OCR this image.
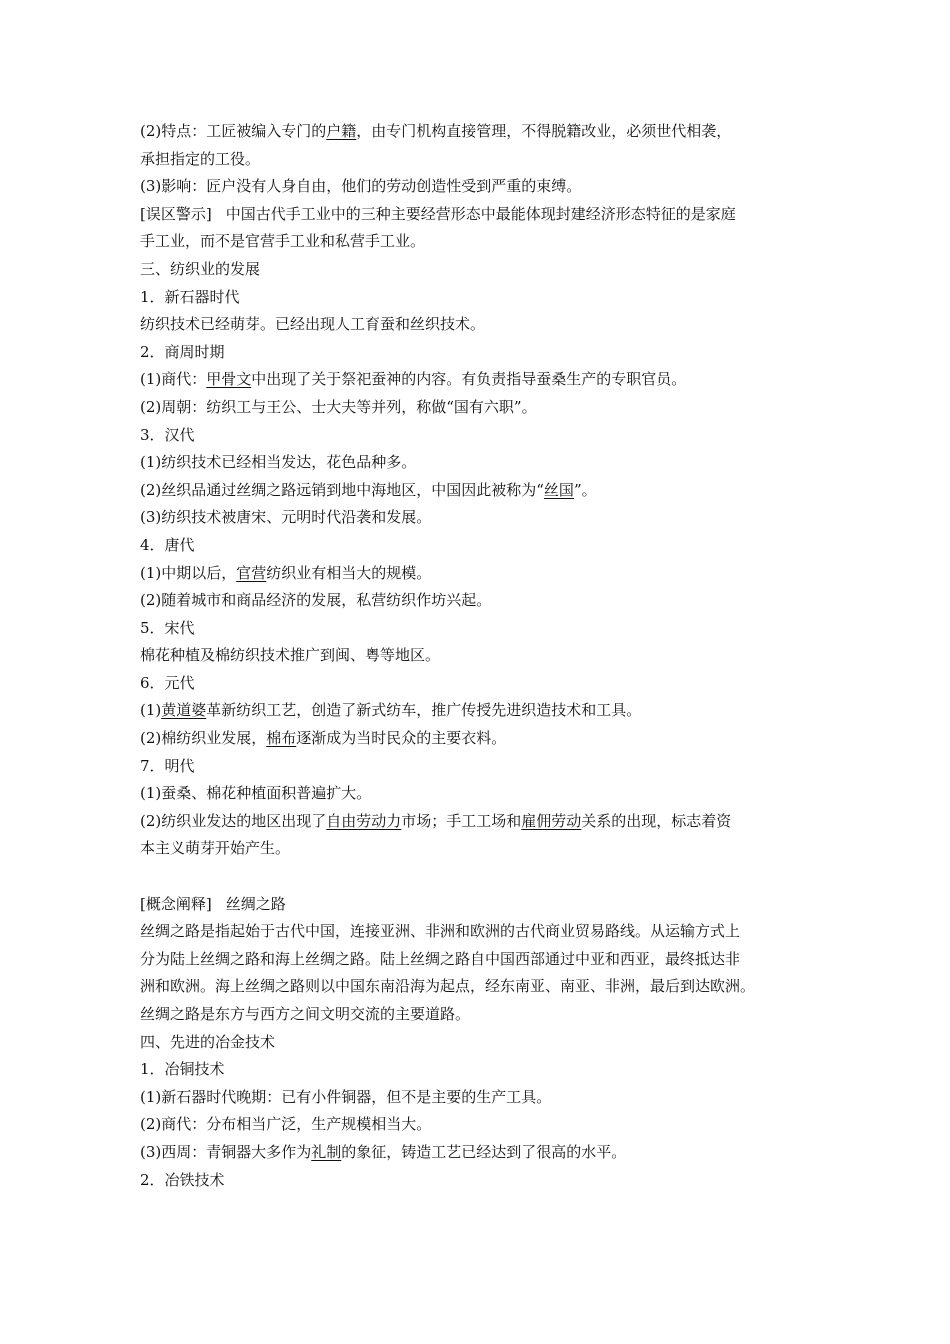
(2)特点：工匠被编入专门的户籍，由专门机构直接管理，不得脱籍改业，必须世代相袭，
承担指定的工役。
(3)影响：匠户没有人身自由，他们的劳动创造性受到严重的束缚。
[误区警示] 中国古代手工业中的三种主要经营形态中最能体现封建经济形态特征的是家庭
手工业，而不是官营手工业和私营手工业。
三、纺织业的发展
1．新石器时代
纺织技术已经萌芽。已经出现人工育蚕和丝织技术。
2．商周时期
(1)商代：甲骨文中出现了关于祭祀蚕神的内容。有负责指导蚕桑生产的专职官员。
(2)周朝：纺织工与王公、士大夫等并列，称做“国有六职”。
3．汉代
(1)纺织技术已经相当发达，花色品种多。
(2)丝织品通过丝绸之路远销到地中海地区，中国因此被称为“丝国”。
(3)纺织技术被唐宋、元明时代沿袭和发展。
4．唐代
(1)中期以后，官营纺织业有相当大的规模。
(2)随着城市和商品经济的发展，私营纺织作坊兴起。
5．宋代
棉花种植及棉纺织技术推广到闽、粤等地区。
6．元代
(1)黄道婆革新纺织工艺，创造了新式纺车，推广传授先进织造技术和工具。
(2)棉纺织业发展，棉布逐渐成为当时民众的主要衣料。
7．明代
(1)蚕桑、棉花种植面积普遍扩大。
(2)纺织业发达的地区出现了自由劳动力市场；手工工场和雇佣劳动关系的出现，标志着资
本主义萌芽开始产生。
[概念阐释] 丝绸之路
丝绸之路是指起始于古代中国，连接亚洲、非洲和欧洲的古代商业贸易路线。从运输方式上
分为陆上丝绸之路和海上丝绸之路。陆上丝绸之路自中国西部通过中亚和西亚，最终抵达非
洲和欧洲。海上丝绸之路则以中国东南沿海为起点，经东南亚、南亚、非洲，最后到达欧洲。
丝绸之路是东方与西方之间文明交流的主要道路。
四、先进的冶金技术
1．冶铜技术
(1)新石器时代晚期：已有小件铜器，但不是主要的生产工具。
(2)商代：分布相当广泛，生产规模相当大。
(3)西周：青铜器大多作为礼制的象征，铸造工艺已经达到了很高的水平。
2．冶铁技术
